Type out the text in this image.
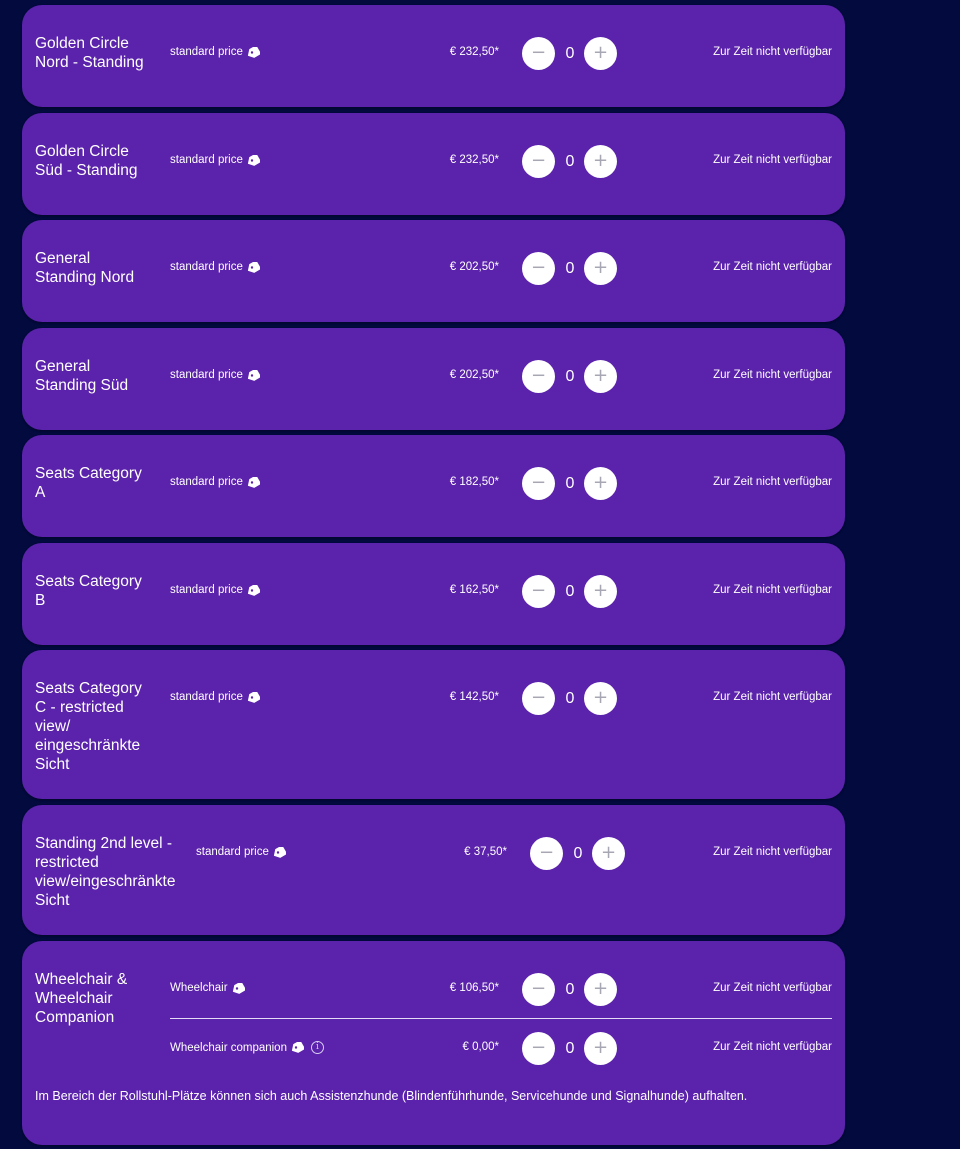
Golden Circle Nord - Standing
standard price	€ 232,50*	−	0	+	Zur Zeit nicht verfügbar
Golden Circle Süd - Standing
standard price	€ 232,50*	−	0	+	Zur Zeit nicht verfügbar
General Standing Nord
standard price	€ 202,50*	−	0	+	Zur Zeit nicht verfügbar
General Standing Süd
standard price	€ 202,50*	−	0	+	Zur Zeit nicht verfügbar
Seats Category A
standard price	€ 182,50*	−	0	+	Zur Zeit nicht verfügbar
Seats Category B
standard price	€ 162,50*	−	0	+	Zur Zeit nicht verfügbar
Seats Category C - restricted view/ eingeschränkte Sicht
standard price	€ 142,50*	−	0	+	Zur Zeit nicht verfügbar
Standing 2nd level - restricted view/eingeschränkte Sicht
standard price	€ 37,50*	−	0	+	Zur Zeit nicht verfügbar
Wheelchair & Wheelchair Companion
Wheelchair	€ 106,50*	−	0	+	Zur Zeit nicht verfügbar
Wheelchair companion	i	€ 0,00*	−	0	+	Zur Zeit nicht verfügbar
Im Bereich der Rollstuhl-Plätze können sich auch Assistenzhunde (Blindenführhunde, Servicehunde und Signalhunde) aufhalten.
